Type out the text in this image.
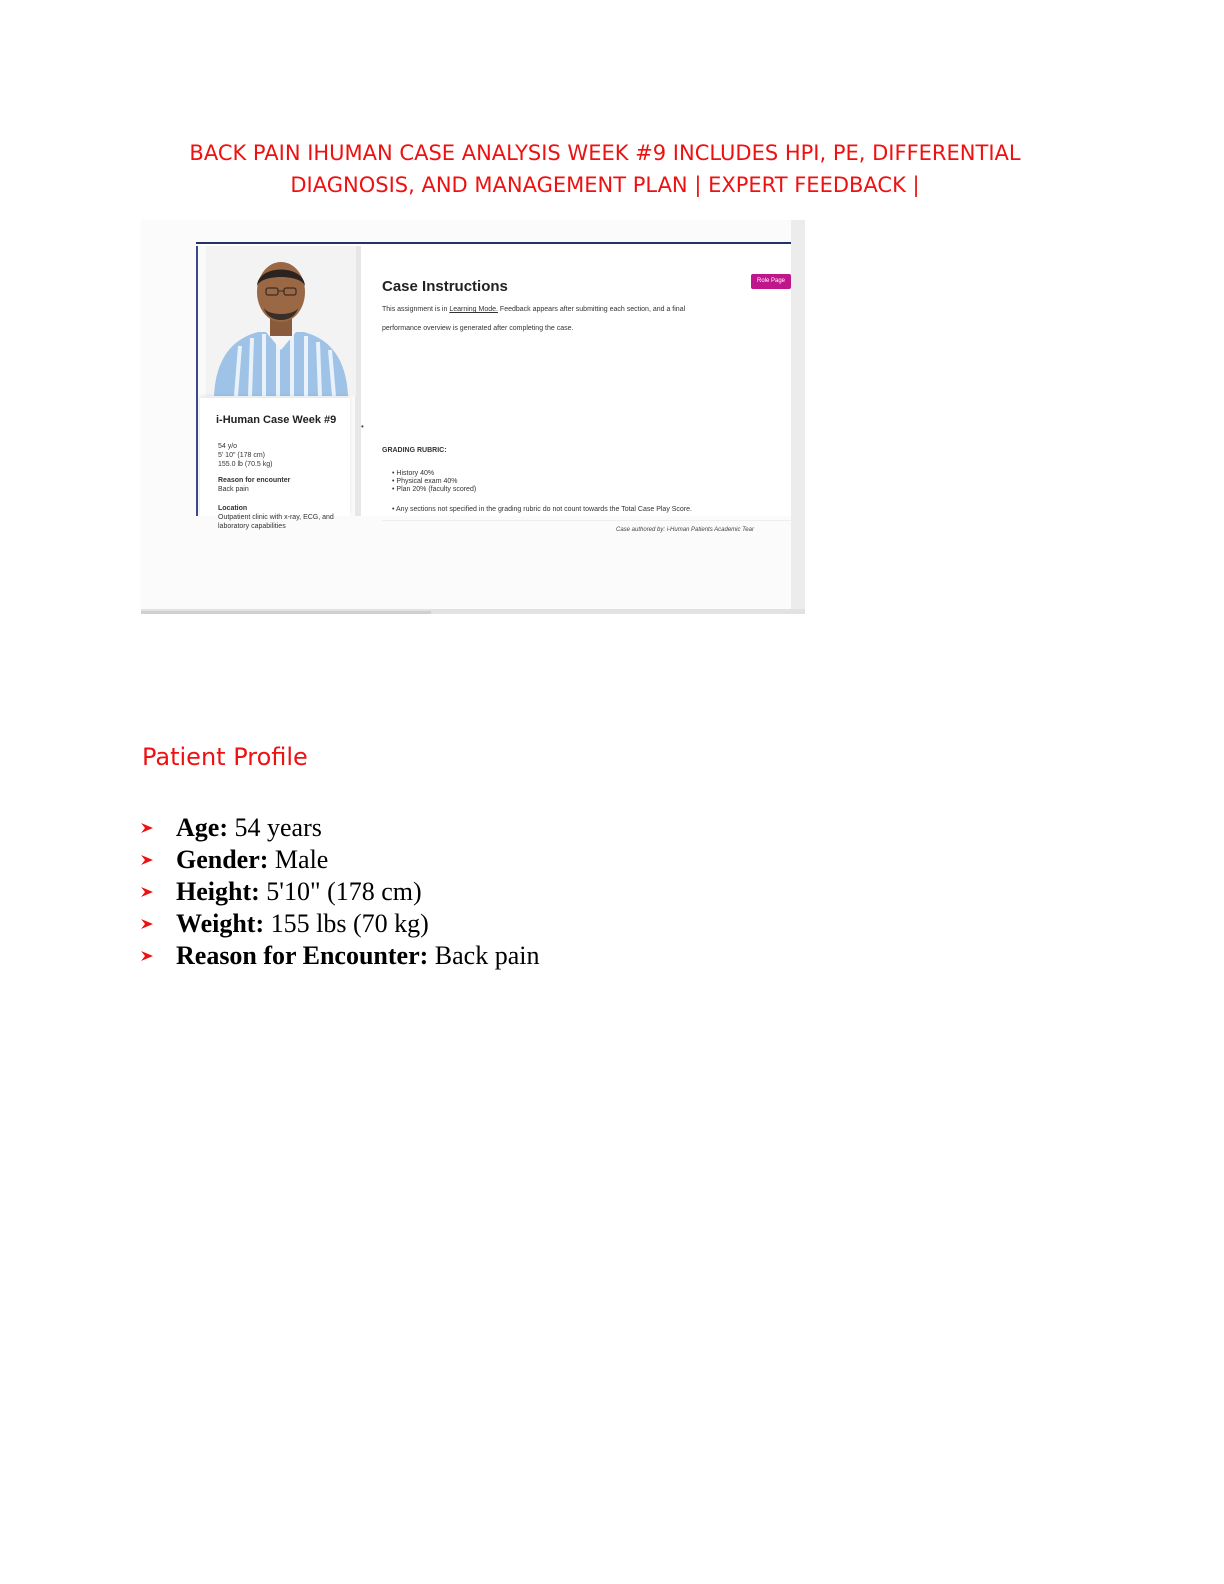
BACK PAIN IHUMAN CASE ANALYSIS WEEK #9 INCLUDES HPI, PE, DIFFERENTIAL
DIAGNOSIS, AND MANAGEMENT PLAN | EXPERT FEEDBACK |
i-Human Case Week #9
54 y/o
5' 10" (178 cm)
155.0 lb (70.5 kg)
Reason for encounter
Back pain
Location
Outpatient clinic with x-ray, ECG, and laboratory capabilities
•
Case Instructions	Role Page
This assignment is in Learning Mode. Feedback appears after submitting each section, and a final
performance overview is generated after completing the case.
GRADING RUBRIC:
• History 40%
• Physical exam 40%
• Plan 20% (faculty scored)
• Any sections not specified in the grading rubric do not count towards the Total Case Play Score.
Case authored by: i-Human Patients Academic Tear
Patient Profile
Age: 54 years
Gender: Male
Height: 5'10" (178 cm)
Weight: 155 lbs (70 kg)
Reason for Encounter: Back pain
